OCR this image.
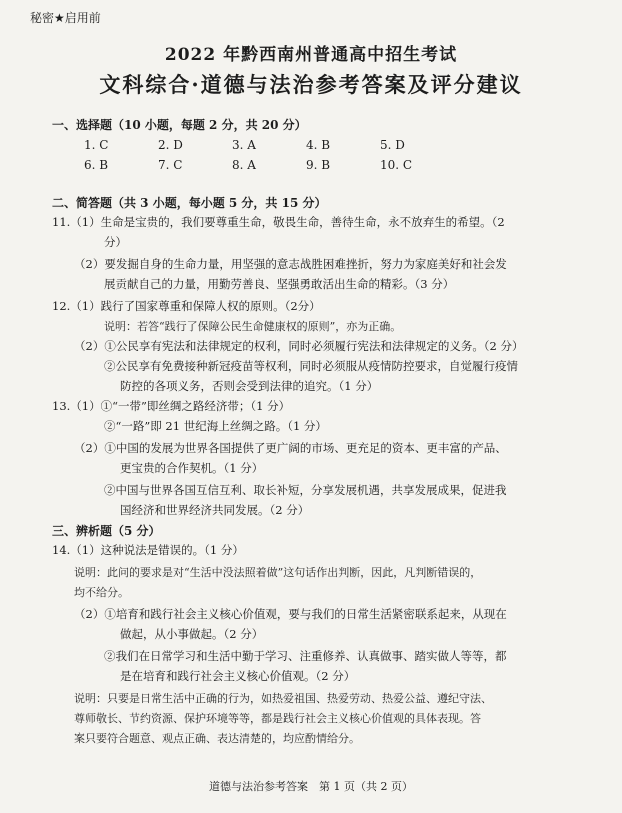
秘密★启用前
2022 年黔西南州普通高中招生考试
文科综合·道德与法治参考答案及评分建议
一、选择题（10 小题，每题 2 分，共 20 分）
1. C	2. D	3. A	4. B	5. D
6. B	7. C	8. A	9. B	10. C
二、简答题（共 3 小题，每小题 5 分，共 15 分）
11.（1）生命是宝贵的，我们要尊重生命，敬畏生命，善待生命，永不放弃生的希望。（2
分）
（2）要发掘自身的生命力量，用坚强的意志战胜困难挫折，努力为家庭美好和社会发
展贡献自己的力量，用勤劳善良、坚强勇敢活出生命的精彩。（3 分）
12.（1）践行了国家尊重和保障人权的原则。（2分）
说明：若答“践行了保障公民生命健康权的原则”，亦为正确。
（2）①公民享有宪法和法律规定的权利，同时必须履行宪法和法律规定的义务。（2 分）
②公民享有免费接种新冠疫苗等权利，同时必须服从疫情防控要求，自觉履行疫情
防控的各项义务，否则会受到法律的追究。（1 分）
13.（1）①“一带”即丝绸之路经济带；（1 分）
②“一路”即 21 世纪海上丝绸之路。（1 分）
（2）①中国的发展为世界各国提供了更广阔的市场、更充足的资本、更丰富的产品、
更宝贵的合作契机。（1 分）
②中国与世界各国互信互利、取长补短，分享发展机遇，共享发展成果，促进我
国经济和世界经济共同发展。（2 分）
三、辨析题（5 分）
14.（1）这种说法是错误的。（1 分）
说明：此问的要求是对“生活中没法照着做”这句话作出判断，因此，凡判断错误的，
均不给分。
（2）①培育和践行社会主义核心价值观，要与我们的日常生活紧密联系起来，从现在
做起，从小事做起。（2 分）
②我们在日常学习和生活中勤于学习、注重修养、认真做事、踏实做人等等，都
是在培育和践行社会主义核心价值观。（2 分）
说明：只要是日常生活中正确的行为，如热爱祖国、热爱劳动、热爱公益、遵纪守法、
尊师敬长、节约资源、保护环境等等，都是践行社会主义核心价值观的具体表现。答
案只要符合题意、观点正确、表达清楚的，均应酌情给分。
道德与法治参考答案　第 1 页（共 2 页）
